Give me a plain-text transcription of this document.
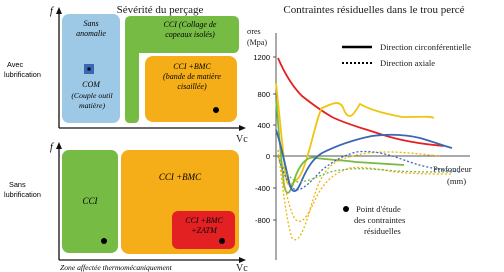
Sévérité du perçage
f
Vc
Avec
lubrification
Sans
anomalie
COM
(Couple outil
matière)
CCI (Collage de
copeaux isolés)
CCI +BMC
(bande de matière
cisaillée)
f
Vc
Sans
lubrification
CCI
CCI +BMC
CCI +BMC
+ZATM
Zone affectée thermomécaniquement
Contraintes résiduelles dans le trou percé
σres
(Mpa)
1200
800
400
0
-400
-800
Direction circonférentielle
Direction axiale
Profondeur
(mm)
Point d'étude
des contraintes
résiduelles
